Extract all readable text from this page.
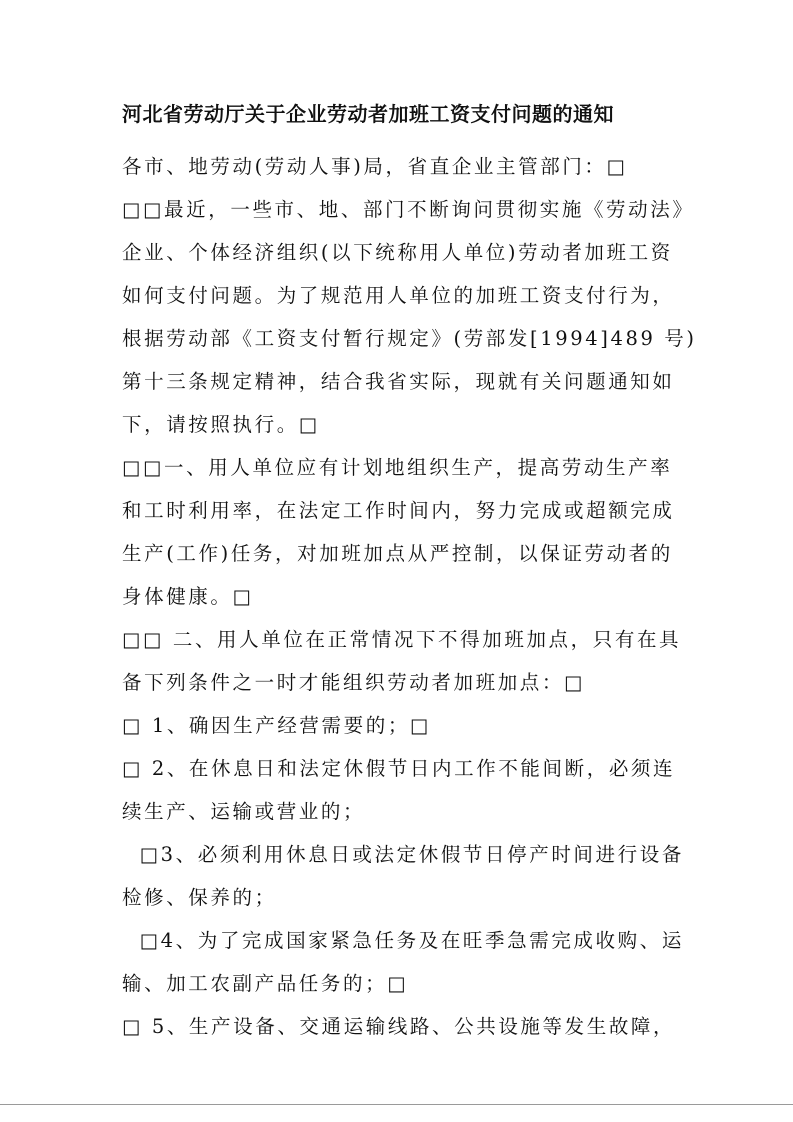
河北省劳动厅关于企业劳动者加班工资支付问题的通知
各市、地劳动(劳动人事)局，省直企业主管部门：□
□□最近，一些市、地、部门不断询问贯彻实施《劳动法》
企业、个体经济组织(以下统称用人单位)劳动者加班工资
如何支付问题。为了规范用人单位的加班工资支付行为，
根据劳动部《工资支付暂行规定》(劳部发[1994]489 号)
第十三条规定精神，结合我省实际，现就有关问题通知如
下，请按照执行。□
□□一、用人单位应有计划地组织生产，提高劳动生产率
和工时利用率，在法定工作时间内，努力完成或超额完成
生产(工作)任务，对加班加点从严控制，以保证劳动者的
身体健康。□
□□ 二、用人单位在正常情况下不得加班加点，只有在具
备下列条件之一时才能组织劳动者加班加点：□
□ 1、确因生产经营需要的；□
□ 2、在休息日和法定休假节日内工作不能间断，必须连
续生产、运输或营业的；
□3、必须利用休息日或法定休假节日停产时间进行设备
检修、保养的；
□4、为了完成国家紧急任务及在旺季急需完成收购、运
输、加工农副产品任务的；□
□ 5、生产设备、交通运输线路、公共设施等发生故障，
